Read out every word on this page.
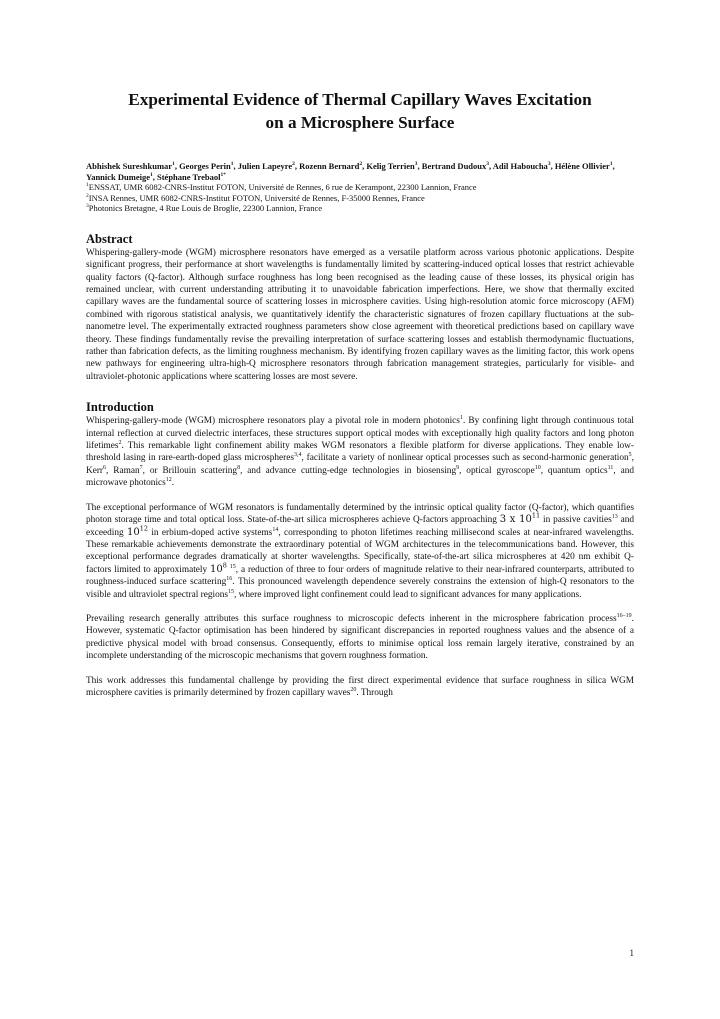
Experimental Evidence of Thermal Capillary Waves Excitation
on a Microsphere Surface

Abhishek Sureshkumar$^1$, Georges Perin$^1$, Julien Lapeyre$^2$, Rozenn Bernard$^2$, Kelig Terrien$^3$, Bertrand Dudoux$^3$, Adil Haboucha$^3$, Hélène Ollivier$^1$, Yannick Dumeige$^1$, Stéphane Trebaol$^{1*}$

$^1$ENSSAT, UMR 6082-CNRS-Institut FOTON, Université de Rennes, 6 rue de Kerampont, 22300 Lannion, France

$^2$INSA Rennes, UMR 6082-CNRS-Institut FOTON, Université de Rennes, F-35000 Rennes, France

$^3$Photonics Bretagne, 4 Rue Louis de Broglie, 22300 Lannion, France

Abstract

Whispering-gallery-mode (WGM) microsphere resonators have emerged as a versatile platform across various photonic applications. Despite significant progress, their performance at short wavelengths is fundamentally limited by scattering-induced optical losses that restrict achievable quality factors (Q-factor). Although surface roughness has long been recognised as the leading cause of these losses, its physical origin has remained unclear, with current understanding attributing it to unavoidable fabrication imperfections. Here, we show that thermally excited capillary waves are the fundamental source of scattering losses in microsphere cavities. Using high-resolution atomic force microscopy (AFM) combined with rigorous statistical analysis, we quantitatively identify the characteristic signatures of frozen capillary fluctuations at the sub-nanometre level. The experimentally extracted roughness parameters show close agreement with theoretical predictions based on capillary wave theory. These findings fundamentally revise the prevailing interpretation of surface scattering losses and establish thermodynamic fluctuations, rather than fabrication defects, as the limiting roughness mechanism. By identifying frozen capillary waves as the limiting factor, this work opens new pathways for engineering ultra-high-Q microsphere resonators through fabrication management strategies, particularly for visible- and ultraviolet-photonic applications where scattering losses are most severe.

Introduction

Whispering-gallery-mode (WGM) microsphere resonators play a pivotal role in modern photonics$^1$. By confining light through continuous total internal reflection at curved dielectric interfaces, these structures support optical modes with exceptionally high quality factors and long photon lifetimes$^2$. This remarkable light confinement ability makes WGM resonators a flexible platform for diverse applications. They enable low-threshold lasing in rare-earth-doped glass microspheres$^{3,4}$, facilitate a variety of nonlinear optical processes such as second-harmonic generation$^5$, Kerr$^6$, Raman$^7$, or Brillouin scattering$^8$, and advance cutting-edge technologies in biosensing$^9$, optical gyroscope$^{10}$, quantum optics$^{11}$, and microwave photonics$^{12}$.

The exceptional performance of WGM resonators is fundamentally determined by the intrinsic optical quality factor (Q-factor), which quantifies photon storage time and total optical loss. State-of-the-art silica microspheres achieve Q-factors approaching 3 x $10^{11}$ in passive cavities$^{13}$ and exceeding $10^{12}$ in erbium-doped active systems$^{14}$, corresponding to photon lifetimes reaching millisecond scales at near-infrared wavelengths. These remarkable achievements demonstrate the extraordinary potential of WGM architectures in the telecommunications band. However, this exceptional performance degrades dramatically at shorter wavelengths. Specifically, state-of-the-art silica microspheres at 420 nm exhibit Q-factors limited to approximately $10^8$ $^{15}$, a reduction of three to four orders of magnitude relative to their near-infrared counterparts, attributed to roughness-induced surface scattering$^{16}$. This pronounced wavelength dependence severely constrains the extension of high-Q resonators to the visible and ultraviolet spectral regions$^{15}$, where improved light confinement could lead to significant advances for many applications.

Prevailing research generally attributes this surface roughness to microscopic defects inherent in the microsphere fabrication process$^{16-19}$. However, systematic Q-factor optimisation has been hindered by significant discrepancies in reported roughness values and the absence of a predictive physical model with broad consensus. Consequently, efforts to minimise optical loss remain largely iterative, constrained by an incomplete understanding of the microscopic mechanisms that govern roughness formation.

This work addresses this fundamental challenge by providing the first direct experimental evidence that surface roughness in silica WGM microsphere cavities is primarily determined by frozen capillary waves$^{20}$. Through

1
